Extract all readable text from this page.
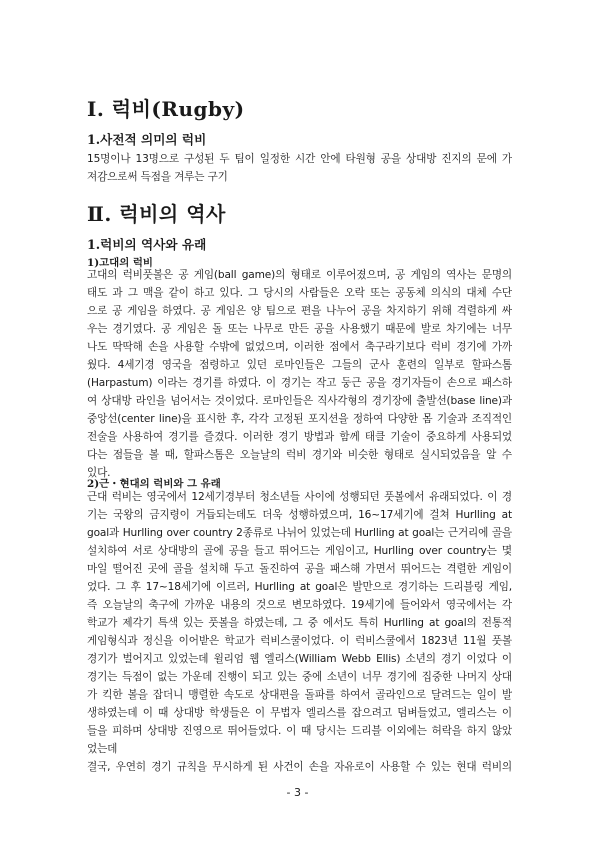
Ⅰ. 럭비(Rugby)
1.사전적 의미의 럭비
15명이나 13명으로 구성된 두 팀이 일정한 시간 안에 타원형 공을 상대방 진지의 문에 가
져감으로써 득점을 겨루는 구기
Ⅱ. 럭비의 역사
1.럭비의 역사와 유래
1)고대의 럭비
고대의 럭비풋볼은 공 게임(ball game)의 형태로 이루어졌으며, 공 게임의 역사는 문명의
태도 과 그 맥을 같이 하고 있다. 그 당시의 사람들은 오락 또는 공동체 의식의 대체 수단
으로 공 게임을 하였다. 공 게임은 양 팀으로 편을 나누어 공을 차지하기 위해 격렬하게 싸
우는 경기였다. 공 게임은 돌 또는 나무로 만든 공을 사용했기 때문에 발로 차기에는 너무
나도 딱딱해 손을 사용할 수밖에 없었으며, 이러한 점에서 축구라기보다 럭비 경기에 가까
웠다. 4세기경 영국을 점령하고 있던 로마인들은 그들의 군사 훈련의 일부로 할파스톰
(Harpastum) 이라는 경기를 하였다. 이 경기는 작고 둥근 공을 경기자들이 손으로 패스하
여 상대방 라인을 넘어서는 것이었다. 로마인들은 직사각형의 경기장에 출발선(base line)과
중앙선(center line)을 표시한 후, 각각 고정된 포지션을 정하여 다양한 몸 기술과 조직적인
전술을 사용하여 경기를 즐겼다. 이러한 경기 방법과 함께 태클 기술이 중요하게 사용되었
다는 점들을 볼 때, 할파스톰은 오늘날의 럭비 경기와 비슷한 형태로 실시되었음을 알 수
있다.
2)근・현대의 럭비와 그 유래
근대 럭비는 영국에서 12세기경부터 청소년들 사이에 성행되던 풋볼에서 유래되었다. 이 경
기는 국왕의 금지령이 거듭되는데도 더욱 성행하였으며, 16~17세기에 걸쳐 Hurlling at
goal과 Hurlling over country 2종류로 나뉘어 있었는데 Hurlling at goal는 근거리에 골을
설치하여 서로 상대방의 골에 공을 들고 뛰어드는 게임이고, Hurlling over country는 몇
마일 떨어진 곳에 골을 설치해 두고 돌진하여 공을 패스해 가면서 뛰어드는 격렬한 게임이
었다. 그 후 17~18세기에 이르러, Hurlling at goal은 발만으로 경기하는 드리블링 게임,
즉 오늘날의 축구에 가까운 내용의 것으로 변모하였다. 19세기에 들어와서 영국에서는 각
학교가 제각기 특색 있는 풋볼을 하였는데, 그 중 에서도 특히 Hurlling at goal의 전통적
게임형식과 정신을 이어받은 학교가 럭비스쿨이었다. 이 럭비스쿨에서 1823년 11월 풋볼
경기가 벌어지고 있었는데 윌리엄 웹 엘리스(William Webb Ellis) 소년의 경기 이었다 이
경기는 득점이 없는 가운데 진행이 되고 있는 중에 소년이 너무 경기에 집중한 나머지 상대
가 킥한 볼을 잡더니 맹렬한 속도로 상대편을 돌파를 하여서 골라인으로 달려드는 일이 발
생하였는데 이 때 상대방 학생들은 이 무법자 엘리스를 잡으려고 덤벼들었고, 엘리스는 이
들을 피하며 상대방 진영으로 뛰어들었다. 이 때 당시는 드리블 이외에는 허락을 하지 않았
었는데
결국, 우연히 경기 규칙을 무시하게 된 사건이 손을 자유로이 사용할 수 있는 현대 럭비의
- 3 -
